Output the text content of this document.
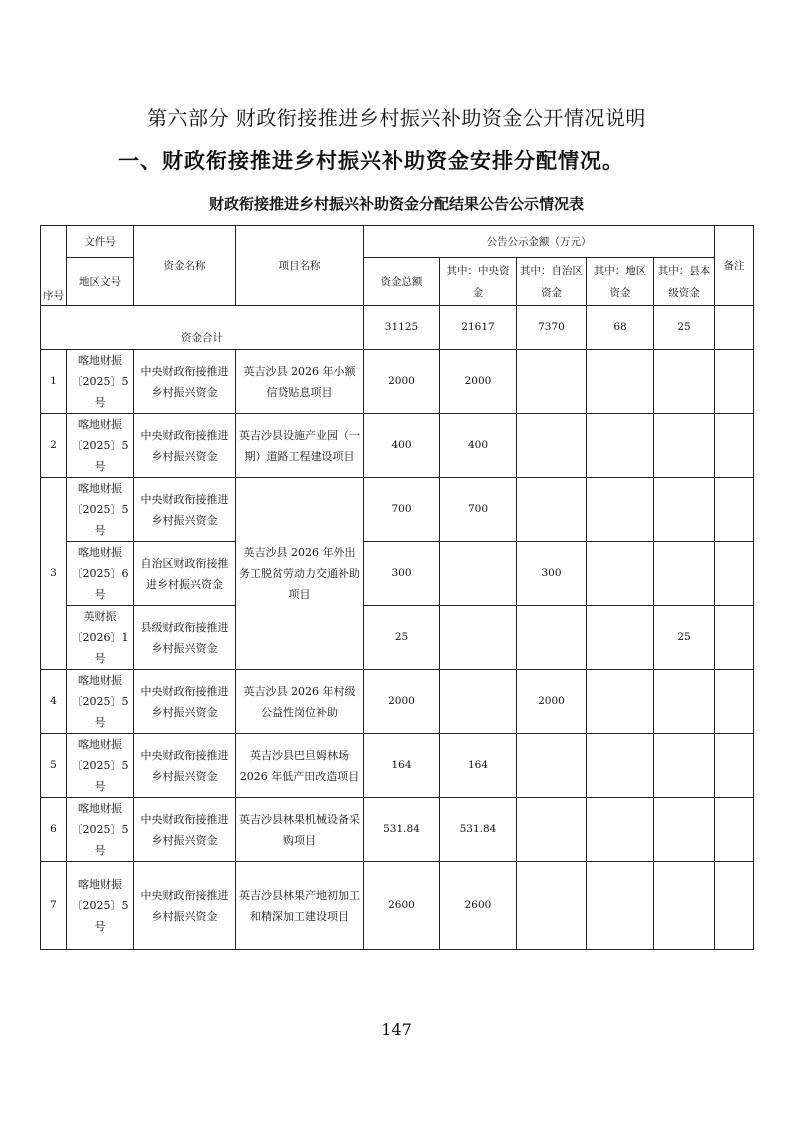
第六部分 财政衔接推进乡村振兴补助资金公开情况说明
一、财政衔接推进乡村振兴补助资金安排分配情况。
财政衔接推进乡村振兴补助资金分配结果公告公示情况表
序号	文件号	资金名称	项目名称	公告公示金额（万元）					备注
	地区文号			资金总额	其中：中央资金	其中：自治区资金	其中：地区资金	其中：县本级资金	
资金合计				31125	21617	7370	68	25	
1	喀地财振〔2025〕5号	中央财政衔接推进乡村振兴资金	英吉沙县 2026 年小额信贷贴息项目	2000	2000				
2	喀地财振〔2025〕5号	中央财政衔接推进乡村振兴资金	英吉沙县设施产业园（一期）道路工程建设项目	400	400				
3	喀地财振〔2025〕5号	中央财政衔接推进乡村振兴资金	英吉沙县 2026 年外出务工脱贫劳动力交通补助项目	700	700				
	喀地财振〔2025〕6号	自治区财政衔接推进乡村振兴资金		300		300			
	英财振〔2026〕1号	县级财政衔接推进乡村振兴资金		25				25	
4	喀地财振〔2025〕5号	中央财政衔接推进乡村振兴资金	英吉沙县 2026 年村级公益性岗位补助	2000		2000			
5	喀地财振〔2025〕5号	中央财政衔接推进乡村振兴资金	英吉沙县巴旦姆林场2026 年低产田改造项目	164	164				
6	喀地财振〔2025〕5号	中央财政衔接推进乡村振兴资金	英吉沙县林果机械设备采购项目	531.84	531.84				
7	喀地财振〔2025〕5号	中央财政衔接推进乡村振兴资金	英吉沙县林果产地初加工和精深加工建设项目	2600	2600				
147
